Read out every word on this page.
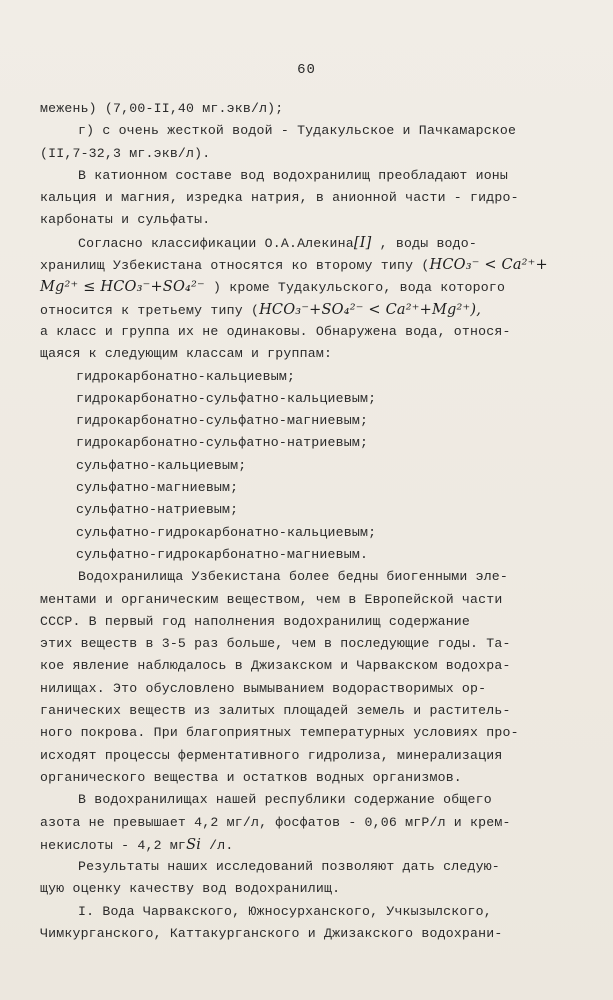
60
межень) (7,00-II,40 мг.экв/л);
г) с очень жесткой водой - Тудакульское и Пачкамарское
(II,7-32,3 мг.экв/л).
В катионном составе вод водохранилищ преобладают ионы
кальция и магния, изредка натрия, в анионной части - гидро-
карбонаты и сульфаты.
Согласно классификации О.А.Алекина[I] , воды водо-
хранилищ Узбекистана относятся ко второму типу (HCO₃⁻ < Ca²⁺+
Mg²⁺ ≤ HCO₃⁻+SO₄²⁻ ) кроме Тудакульского, вода которого
относится к третьему типу (HCO₃⁻+SO₄²⁻ < Ca²⁺+Mg²⁺),
а класс и группа их не одинаковы. Обнаружена вода, относя-
щаяся к следующим классам и группам:
гидрокарбонатно-кальциевым;
гидрокарбонатно-сульфатно-кальциевым;
гидрокарбонатно-сульфатно-магниевым;
гидрокарбонатно-сульфатно-натриевым;
сульфатно-кальциевым;
сульфатно-магниевым;
сульфатно-натриевым;
сульфатно-гидрокарбонатно-кальциевым;
сульфатно-гидрокарбонатно-магниевым.
Водохранилища Узбекистана более бедны биогенными эле-
ментами и органическим веществом, чем в Европейской части
СССР. В первый год наполнения водохранилищ содержание
этих веществ в 3-5 раз больше, чем в последующие годы. Та-
кое явление наблюдалось в Джизакском и Чарвакском водохра-
нилищах. Это обусловлено вымыванием водорастворимых ор-
ганических веществ из залитых площадей земель и раститель-
ного покрова. При благоприятных температурных условиях про-
исходят процессы ферментативного гидролиза, минерализация
органического вещества и остатков водных организмов.
В водохранилищах нашей республики содержание общего
азота не превышает 4,2 мг/л, фосфатов - 0,06 мгР/л и крем-
некислоты - 4,2 мгSi /л.
Результаты наших исследований позволяют дать следую-
щую оценку качеству вод водохранилищ.
I. Вода Чарвакского, Южносурханского, Учкызылского,
Чимкурганского, Каттакурганского и Джизакского водохрани-
